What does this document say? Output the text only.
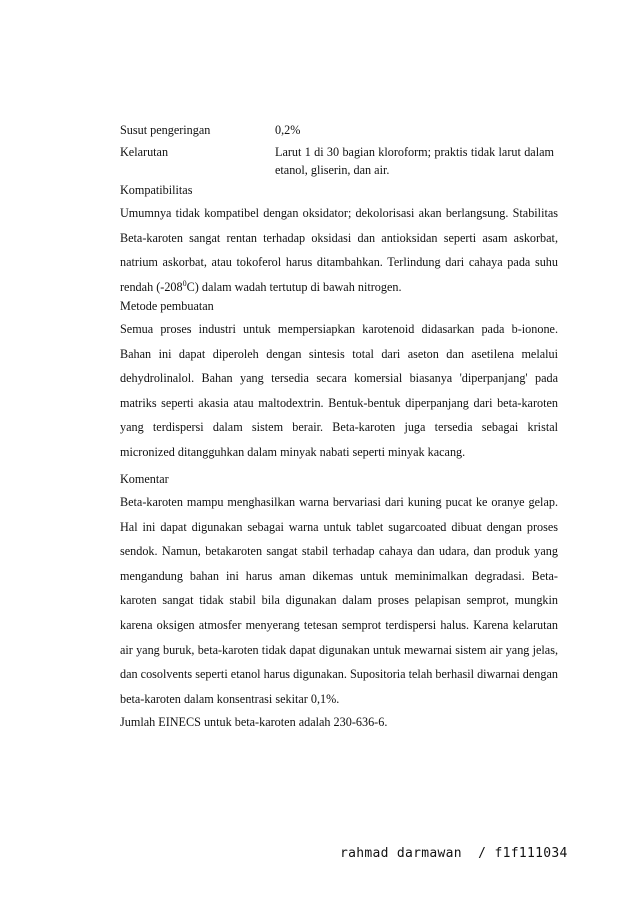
Susut pengeringan	0,2%
Kelarutan	Larut 1 di 30 bagian kloroform; praktis tidak larut dalam etanol, gliserin, dan air.
Kompatibilitas
Umumnya tidak kompatibel dengan oksidator; dekolorisasi akan berlangsung. Stabilitas Beta-karoten sangat rentan terhadap oksidasi dan antioksidan seperti asam askorbat, natrium askorbat, atau tokoferol harus ditambahkan. Terlindung dari cahaya pada suhu rendah $(-208^0C)$ dalam wadah tertutup di bawah nitrogen.
Metode pembuatan
Semua proses industri untuk mempersiapkan karotenoid didasarkan pada b-ionone. Bahan ini dapat diperoleh dengan sintesis total dari aseton dan asetilena melalui dehydrolinalol. Bahan yang tersedia secara komersial biasanya 'diperpanjang' pada matriks seperti akasia atau maltodextrin. Bentuk-bentuk diperpanjang dari beta-karoten yang terdispersi dalam sistem berair. Beta-karoten juga tersedia sebagai kristal micronized ditangguhkan dalam minyak nabati seperti minyak kacang.
Komentar
Beta-karoten mampu menghasilkan warna bervariasi dari kuning pucat ke oranye gelap. Hal ini dapat digunakan sebagai warna untuk tablet sugarcoated dibuat dengan proses sendok. Namun, betakaroten sangat stabil terhadap cahaya dan udara, dan produk yang mengandung bahan ini harus aman dikemas untuk meminimalkan degradasi. Beta-karoten sangat tidak stabil bila digunakan dalam proses pelapisan semprot, mungkin karena oksigen atmosfer menyerang tetesan semprot terdispersi halus. Karena kelarutan air yang buruk, beta-karoten tidak dapat digunakan untuk mewarnai sistem air yang jelas, dan cosolvents seperti etanol harus digunakan. Supositoria telah berhasil diwarnai dengan beta-karoten dalam konsentrasi sekitar 0,1%.
Jumlah EINECS untuk beta-karoten adalah 230-636-6.
rahmad darmawan / f1f111034
